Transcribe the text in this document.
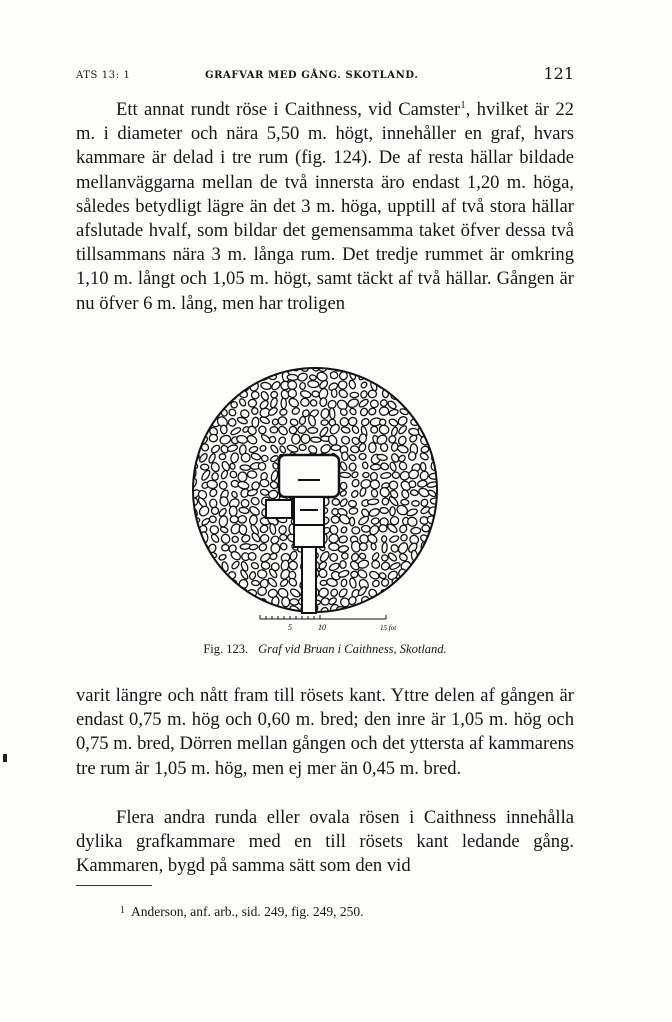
ATS 13: 1	GRAFVAR MED GÅNG. SKOTLAND.	121
Ett annat rundt röse i Caithness, vid Camster$^1$, hvilket är 22 m. i diameter och nära 5,50 m. högt, innehåller en graf, hvars kammare är delad i tre rum (fig. 124). De af resta hällar bildade mellanväggarna mellan de två innersta äro endast 1,20 m. höga, således betydligt lägre än det 3 m. höga, upptill af två stora hällar afslutade hvalf, som bildar det gemensamma taket öfver dessa två tillsammans nära 3 m. långa rum. Det tredje rummet är omkring 1,10 m. långt och 1,05 m. högt, samt täckt af två hällar. Gången är nu öfver 6 m. lång, men har troligen
5	10	15 fot
Fig. 123. Graf vid Bruan i Caithness, Skotland.
varit längre och nått fram till rösets kant. Yttre delen af gången är endast 0,75 m. hög och 0,60 m. bred; den inre är 1,05 m. hög och 0,75 m. bred, Dörren mellan gången och det yttersta af kammarens tre rum är 1,05 m. hög, men ej mer än 0,45 m. bred.
Flera andra runda eller ovala rösen i Caithness innehålla dylika grafkammare med en till rösets kant ledande gång. Kammaren, bygd på samma sätt som den vid
$^1$ Anderson, anf. arb., sid. 249, fig. 249, 250.
